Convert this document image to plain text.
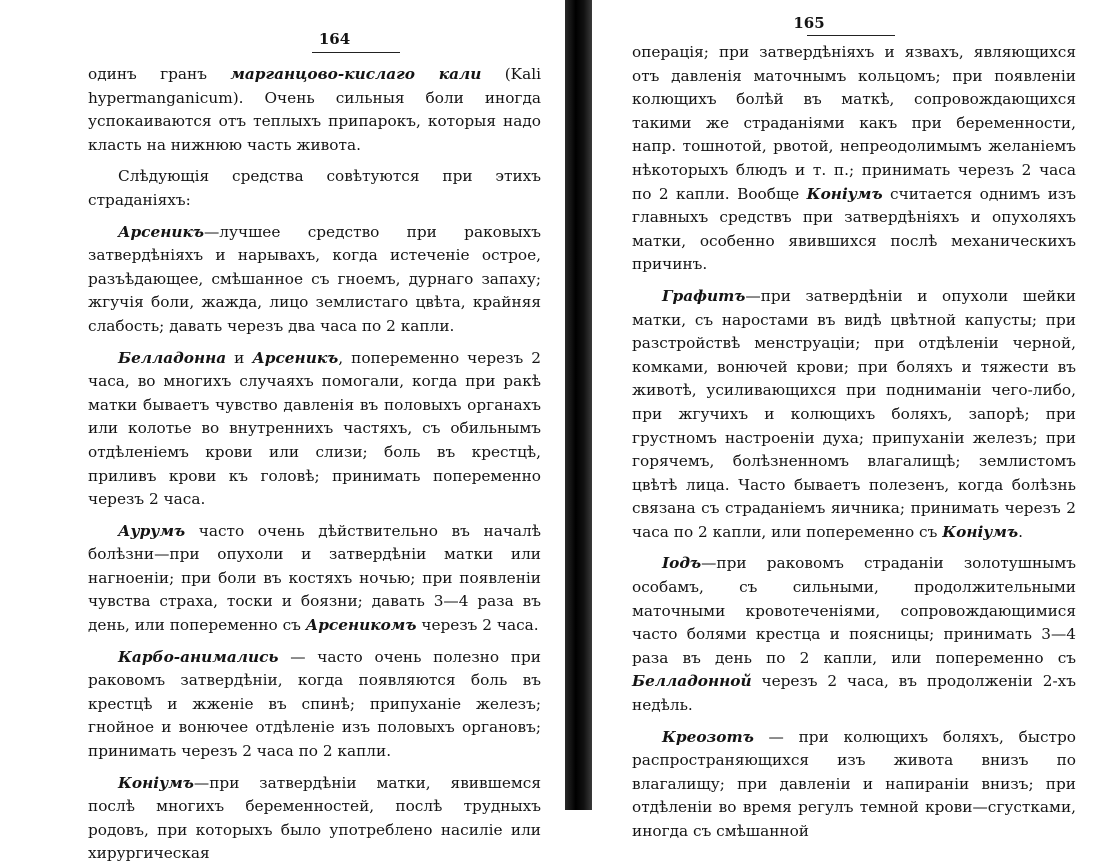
164

одинъ гранъ марганцово-кислаго кали (Kali hypermanganicum). Очень сильныя боли иногда успокаиваются отъ теплыхъ припарокъ, которыя надо класть на нижнюю часть живота.

Слѣдующія средства совѣтуются при этихъ страданіяхъ:

Арсеникъ—лучшее средство при раковыхъ затвердѣніяхъ и нарывахъ, когда истеченіе острое, разъѣдающее, смѣшанное съ гноемъ, дурнаго запаху; жгучія боли, жажда, лицо землистаго цвѣта, крайняя слабость; давать черезъ два часа по 2 капли.

Белладонна и Арсеникъ, попеременно черезъ 2 часа, во многихъ случаяхъ помогали, когда при ракѣ матки бываетъ чувство давленія въ половыхъ органахъ или колотье во внутреннихъ частяхъ, съ обильнымъ отдѣленіемъ крови или слизи; боль въ крестцѣ, приливъ крови къ головѣ; принимать попеременно черезъ 2 часа.

Аурумъ часто очень дѣйствительно въ началѣ болѣзни—при опухоли и затвердѣніи матки или нагноеніи; при боли въ костяхъ ночью; при появленіи чувства страха, тоски и боязни; давать 3—4 раза въ день, или попеременно съ Арсеникомъ черезъ 2 часа.

Карбо-анимались — часто очень полезно при раковомъ затвердѣніи, когда появляются боль въ крестцѣ и жженіе въ спинѣ; припуханіе железъ; гнойное и вонючее отдѣленіе изъ половыхъ органовъ; принимать черезъ 2 часа по 2 капли.

Коніумъ—при затвердѣніи матки, явившемся послѣ многихъ беременностей, послѣ трудныхъ родовъ, при которыхъ было употреблено насиліе или хирургическая

165

операція; при затвердѣніяхъ и язвахъ, являющихся отъ давленія маточнымъ кольцомъ; при появленіи колющихъ болѣй въ маткѣ, сопровождающихся такими же страданіями какъ при беременности, напр. тошнотой, рвотой, непреодолимымъ желаніемъ нѣкоторыхъ блюдъ и т. п.; принимать черезъ 2 часа по 2 капли. Вообще Коніумъ считается однимъ изъ главныхъ средствъ при затвердѣніяхъ и опухоляхъ матки, особенно явившихся послѣ механическихъ причинъ.

Графитъ—при затвердѣніи и опухоли шейки матки, съ наростами въ видѣ цвѣтной капусты; при разстройствѣ менструаціи; при отдѣленіи черной, комками, вонючей крови; при боляхъ и тяжести въ животѣ, усиливающихся при подниманіи чего-либо, при жгучихъ и колющихъ боляхъ, запорѣ; при грустномъ настроеніи духа; припуханіи железъ; при горячемъ, болѣзненномъ влагалищѣ; землистомъ цвѣтѣ лица. Часто бываетъ полезенъ, когда болѣзнь связана съ страданіемъ яичника; принимать черезъ 2 часа по 2 капли, или попеременно съ Коніумъ.

Іодъ—при раковомъ страданіи золотушнымъ особамъ, съ сильными, продолжительными маточными кровотеченіями, сопровождающимися часто болями крестца и поясницы; принимать 3—4 раза въ день по 2 капли, или попеременно съ Белладонной черезъ 2 часа, въ продолженіи 2-хъ недѣль.

Креозотъ — при колющихъ боляхъ, быстро распространяющихся изъ живота внизъ по влагалищу; при давленіи и напираніи внизъ; при отдѣленіи во время регулъ темной крови—сгустками, иногда съ смѣшанной
